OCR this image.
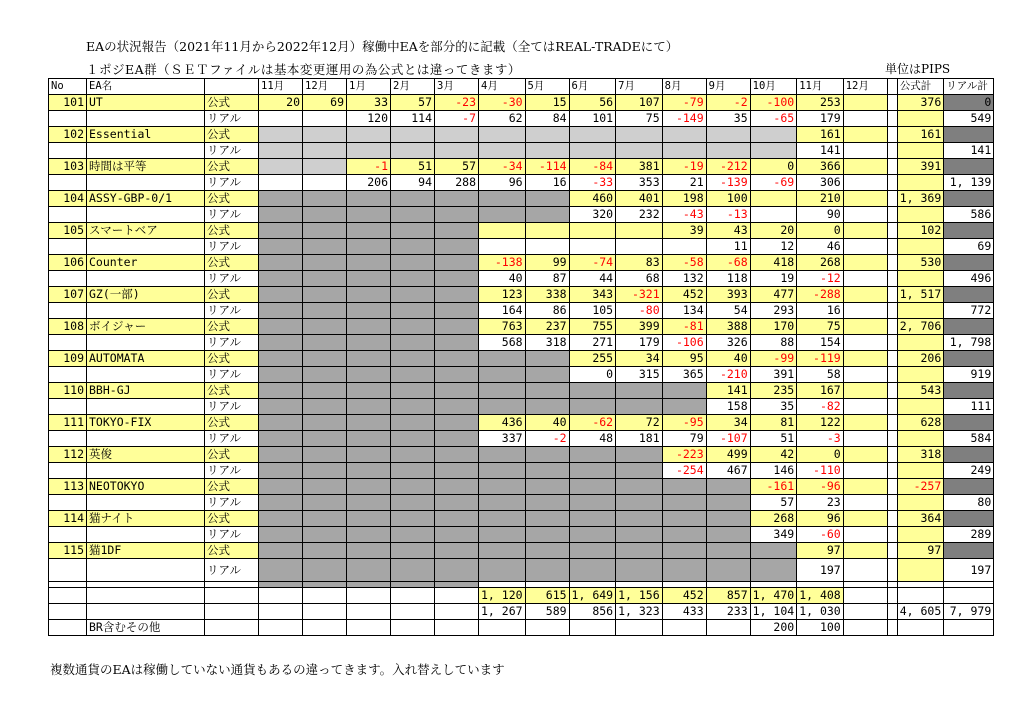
EAの状況報告（2021年11月から2022年12月）稼働中EAを部分的に記載（全てはREAL-TRADEにて）
１ポジEA群（ＳＥＴファイルは基本変更運用の為公式とは違ってきます）	単位はPIPS
No	EA名		11月	12月	1月	2月	3月	4月	5月	6月	7月	8月	9月	10月	11月	12月		公式計	リアル計
101	UT	公式	20	69	33	57	-23	-30	15	56	107	-79	-2	-100	253			376	0
		リアル			120	114	-7	62	84	101	75	-149	35	-65	179				549
102	Essential	公式													161			161	
		リアル													141				141
103	時間は平等	公式			-1	51	57	-34	-114	-84	381	-19	-212	0	366			391	
		リアル			206	94	288	96	16	-33	353	21	-139	-69	306				1, 139
104	ASSY-GBP-0/1	公式								460	401	198	100		210			1, 369	
		リアル								320	232	-43	-13		90				586
105	スマートベア	公式										39	43	20	0			102	
		リアル											11	12	46				69
106	Counter	公式						-138	99	-74	83	-58	-68	418	268			530	
		リアル						40	87	44	68	132	118	19	-12				496
107	GZ(一部)	公式						123	338	343	-321	452	393	477	-288			1, 517	
		リアル						164	86	105	-80	134	54	293	16				772
108	ボイジャー	公式						763	237	755	399	-81	388	170	75			2, 706	
		リアル						568	318	271	179	-106	326	88	154				1, 798
109	AUTOMATA	公式								255	34	95	40	-99	-119			206	
		リアル								0	315	365	-210	391	58				919
110	BBH-GJ	公式											141	235	167			543	
		リアル											158	35	-82				111
111	TOKYO-FIX	公式						436	40	-62	72	-95	34	81	122			628	
		リアル						337	-2	48	181	79	-107	51	-3				584
112	英俊	公式										-223	499	42	0			318	
		リアル										-254	467	146	-110				249
113	NEOTOKYO	公式												-161	-96			-257	
		リアル												57	23				80
114	猫ナイト	公式												268	96			364	
		リアル												349	-60				289
115	猫1DF	公式													97			97	
		リアル													197				197

								1, 120	615	1, 649	1, 156	452	857	1, 470	1, 408				
								1, 267	589	856	1, 323	433	233	1, 104	1, 030			4, 605	7, 979
	BR含むその他													200	100				
複数通貨のEAは稼働していない通貨もあるの違ってきます。入れ替えしています
